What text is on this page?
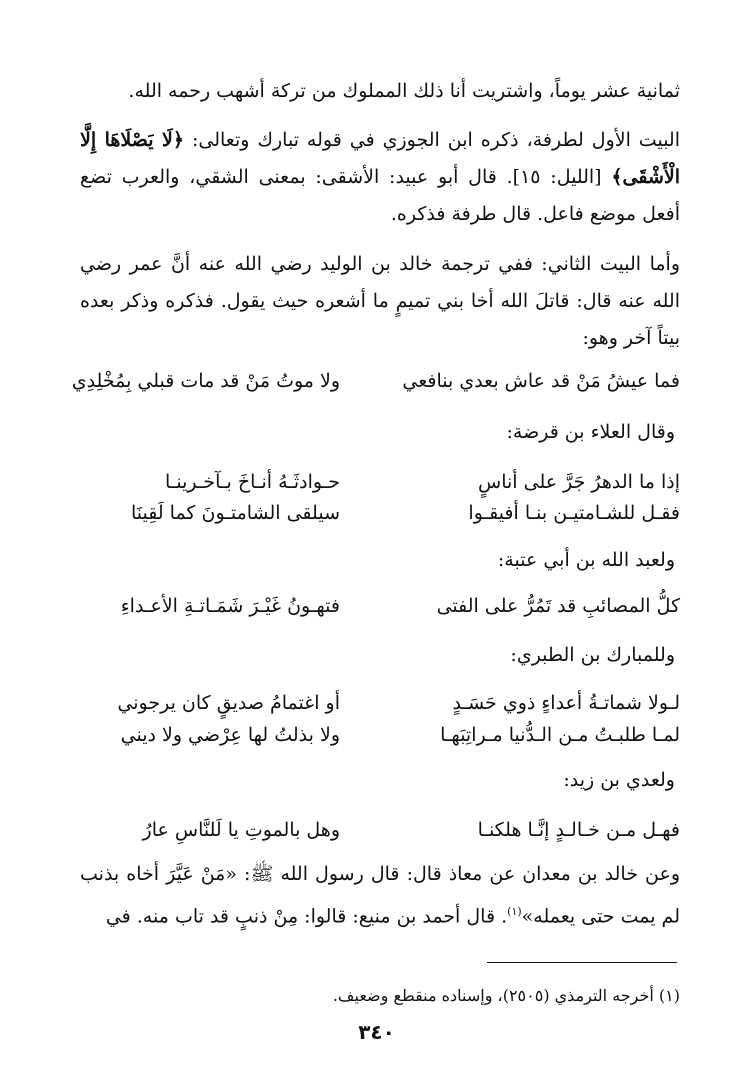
ثمانية عشر يوماً، واشتريت أنا ذلك المملوك من تركة أشهب رحمه الله.
البيت الأول لطرفة، ذكره ابن الجوزي في قوله تبارك وتعالى: ﴿لَا يَصْلَاهَا إِلَّا الْأَشْقَى﴾ [الليل: ١٥]. قال أبو عبيد: الأشقى: بمعنى الشقي، والعرب تضع أفعل موضع فاعل. قال طرفة فذكره.
وأما البيت الثاني: ففي ترجمة خالد بن الوليد رضي الله عنه أنَّ عمر رضي الله عنه قال: قاتلَ الله أخا بني تميمٍ ما أشعره حيث يقول. فذكره وذكر بعده بيتاً آخر وهو:
فما عيشُ مَنْ قد عاش بعدي بنافعي
ولا موتُ مَنْ قد مات قبلي بِمُخْلِدِي
وقال العلاء بن قرضة:
إذا ما الدهرُ جَرَّ على أناسٍ
حـوادثَـهُ أنـاخَ بـآخـرينـا
فقـل للشـامتيـن بنـا أفيقـوا
سيلقى الشامتـونَ كما لَقِينَا
ولعبد الله بن أبي عتبة:
كلُّ المصائبِ قد تَمُرُّ على الفتى
فتهـونُ غَيْـرَ شَمَـاتـةِ الأعـداءِ
وللمبارك بن الطبري:
لـولا شماتـةُ أعداءٍ ذوي حَسَـدٍ
أو اغتمامُ صديقٍ كان يرجوني
لمـا طلبـتُ مـن الـدُّنيا مـراتِبَهـا
ولا بذلتُ لها عِرْضي ولا ديني
ولعدي بن زيد:
فهـل مـن خـالـدٍ إنَّـا هلكنـا
وهل بالموتِ يا لَلنَّاسِ عارُ
وعن خالد بن معدان عن معاذ قال: قال رسول الله ﷺ: «مَنْ عَيَّرَ أخاه بذنب لم يمت حتى يعمله»$^{(١)}$. قال أحمد بن منيع: قالوا: مِنْ ذنبٍ قد تاب منه. في
(١) أخرجه الترمذي (٢٥٠٥)، وإسناده منقطع وضعيف.
٣٤٠
